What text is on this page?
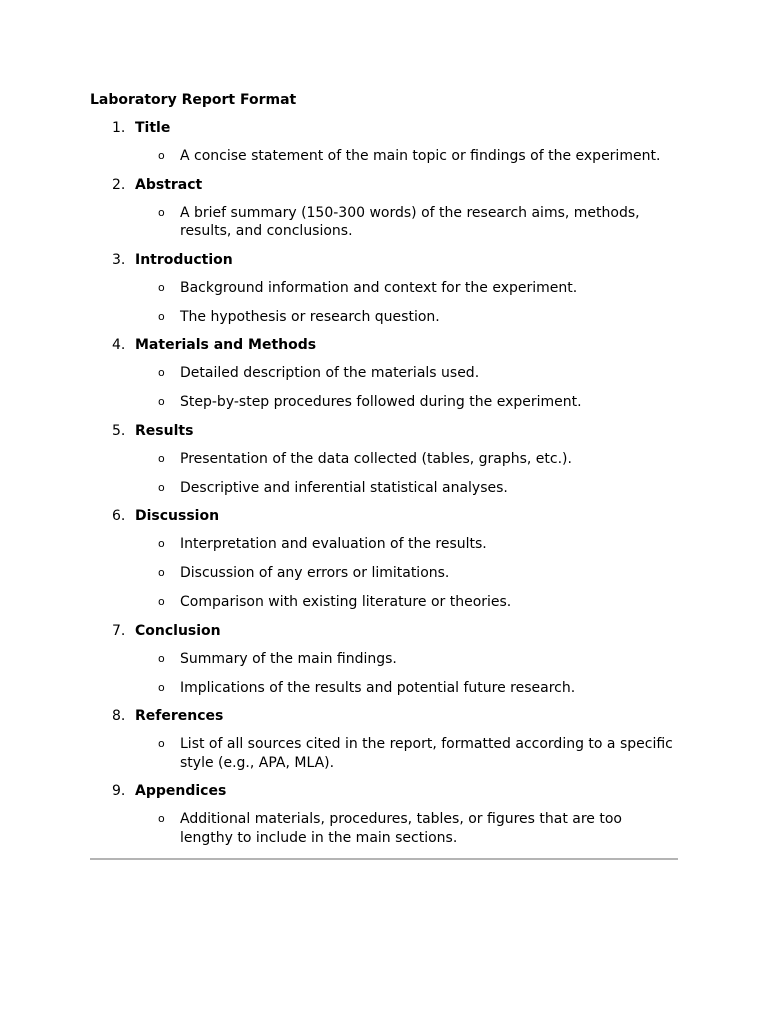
Laboratory Report Format
1. Title
o A concise statement of the main topic or findings of the experiment.
2. Abstract
o A brief summary (150-300 words) of the research aims, methods, results, and conclusions.
3. Introduction
o Background information and context for the experiment.
o The hypothesis or research question.
4. Materials and Methods
o Detailed description of the materials used.
o Step-by-step procedures followed during the experiment.
5. Results
o Presentation of the data collected (tables, graphs, etc.).
o Descriptive and inferential statistical analyses.
6. Discussion
o Interpretation and evaluation of the results.
o Discussion of any errors or limitations.
o Comparison with existing literature or theories.
7. Conclusion
o Summary of the main findings.
o Implications of the results and potential future research.
8. References
o List of all sources cited in the report, formatted according to a specific style (e.g., APA, MLA).
9. Appendices
o Additional materials, procedures, tables, or figures that are too lengthy to include in the main sections.
